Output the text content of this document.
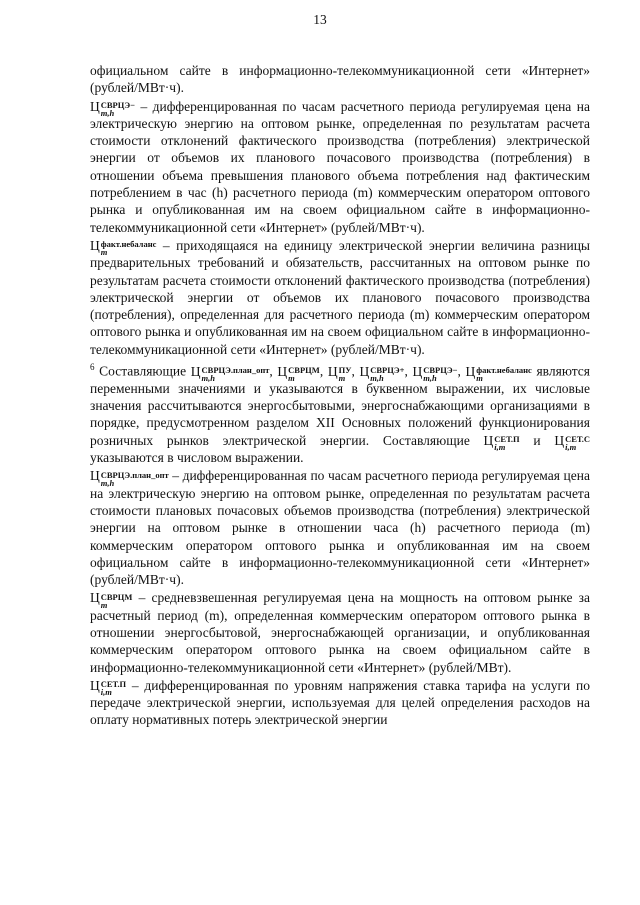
13

официальном сайте в информационно-телекоммуникационной сети «Интернет» (рублей/МВт·ч).

Ц СВРЦЭ−
m,h	– дифференцированная по часам расчетного периода регулируемая цена на электрическую энергию на оптовом рынке, определенная по результатам расчета стоимости отклонений фактического производства (потребления) электрической энергии от объемов их планового почасового производства (потребления) в отношении объема превышения планового объема потребления над фактическим потреблением в час (h) расчетного периода (m) коммерческим оператором оптового рынка и опубликованная им на своем официальном сайте в информационно-телекоммуникационной сети «Интернет» (рублей/МВт·ч).

Ц факт.небаланс
m	– приходящаяся на единицу электрической энергии величина разницы предварительных требований и обязательств, рассчитанных на оптовом рынке по результатам расчета стоимости отклонений фактического производства (потребления) электрической энергии от объемов их планового почасового производства (потребления), определенная для расчетного периода (m) коммерческим оператором оптового рынка и опубликованная им на своем официальном сайте в информационно-телекоммуникационной сети «Интернет» (рублей/МВт·ч).

$^6$ Составляющие Ц СВРЦЭ.план_опт
m,h	, Ц СВРЦМ
m	, Ц ПУ
m , Ц СВРЦЭ+
m,h	, Ц СВРЦЭ−
m,h	, Ц факт.небаланс
m	являются переменными значениями и указываются в буквенном выражении, их числовые значения рассчитываются энергосбытовыми, энергоснабжающими организациями в порядке, предусмотренном разделом XII Основных положений функционирования розничных рынков электрической энергии. Составляющие Ц СЕТ.П
i,m	и Ц СЕТ.С
i,m
указываются в числовом выражении.

Ц СВРЦЭ.план_опт
m,h	– дифференцированная по часам расчетного периода регулируемая цена на электрическую энергию на оптовом рынке, определенная по результатам расчета стоимости плановых почасовых объемов производства (потребления) электрической энергии на оптовом рынке в отношении часа (h) расчетного периода (m) коммерческим оператором оптового рынка и опубликованная им на своем официальном сайте в информационно-телекоммуникационной сети «Интернет» (рублей/МВт·ч).

Ц СВРЦМ
m	– средневзвешенная регулируемая цена на мощность на оптовом рынке за расчетный период (m), определенная коммерческим оператором оптового рынка в отношении энергосбытовой, энергоснабжающей организации, и опубликованная коммерческим оператором оптового рынка на своем официальном сайте в информационно-телекоммуникационной сети «Интернет» (рублей/МВт).

Ц СЕТ.П
i,m	– дифференцированная по уровням напряжения ставка тарифа на услуги по передаче электрической энергии, используемая для целей определения расходов на оплату нормативных потерь электрической энергии
